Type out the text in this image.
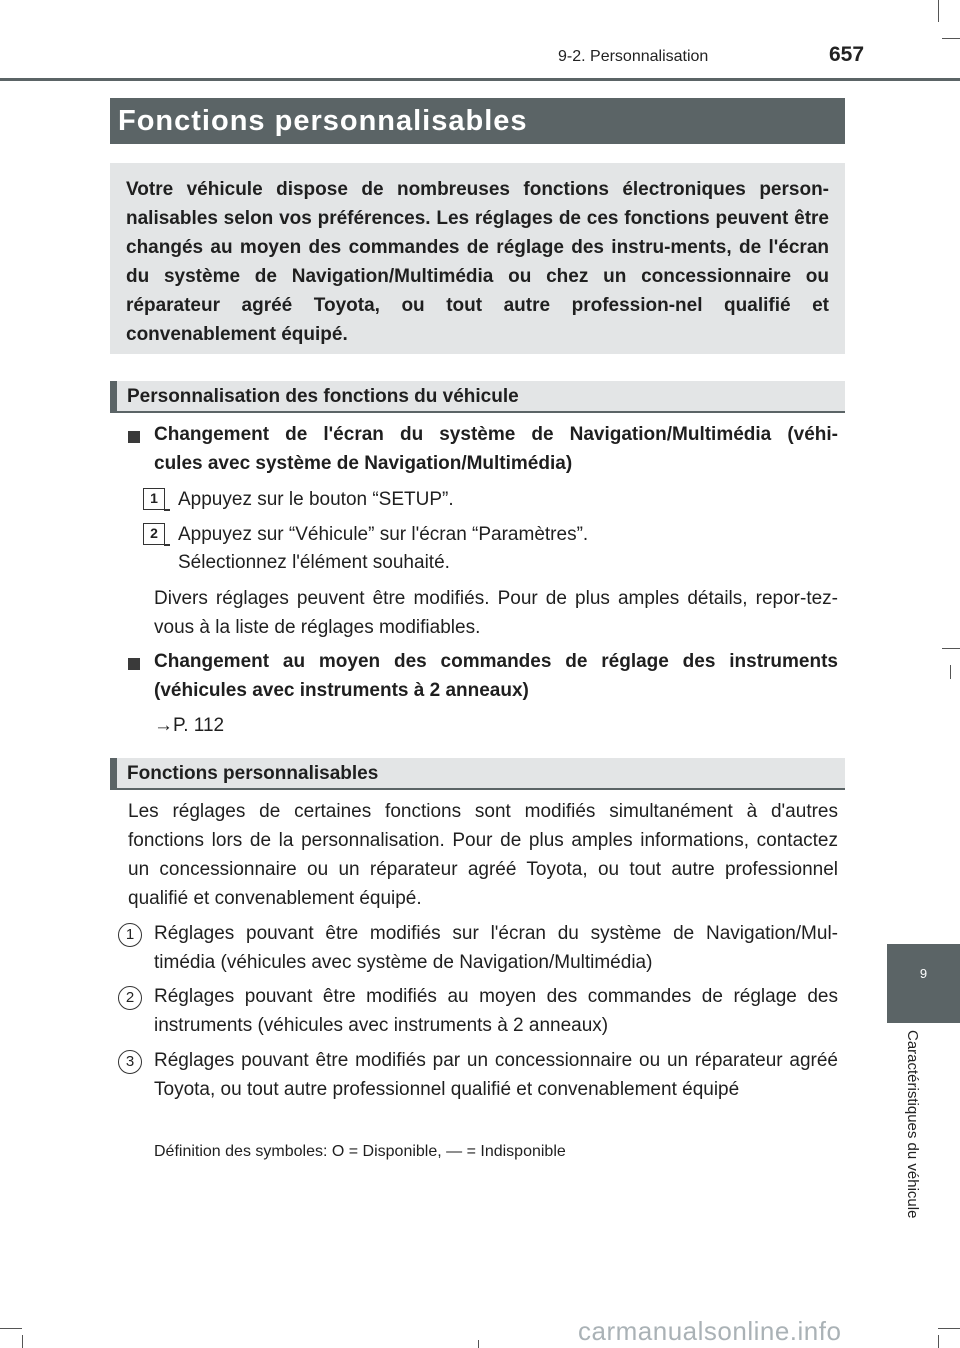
9-2. Personnalisation	657
Fonctions personnalisables
Votre véhicule dispose de nombreuses fonctions électroniques person-nalisables selon vos préférences. Les réglages de ces fonctions peuvent être changés au moyen des commandes de réglage des instru-ments, de l'écran du système de Navigation/Multimédia ou chez un concessionnaire ou réparateur agréé Toyota, ou tout autre profession-nel qualifié et convenablement équipé.
Personnalisation des fonctions du véhicule
Changement de l'écran du système de Navigation/Multimédia (véhi-
cules avec système de Navigation/Multimédia)
1	Appuyez sur le bouton “SETUP”.
2	Appuyez sur “Véhicule” sur l'écran “Paramètres”.
Sélectionnez l'élément souhaité.
Divers réglages peuvent être modifiés. Pour de plus amples détails, repor-tez-vous à la liste de réglages modifiables.
Changement au moyen des commandes de réglage des instruments
(véhicules avec instruments à 2 anneaux)
→P. 112
Fonctions personnalisables
Les réglages de certaines fonctions sont modifiés simultanément à d'autres fonctions lors de la personnalisation. Pour de plus amples informations, contactez un concessionnaire ou un réparateur agréé Toyota, ou tout autre professionnel qualifié et convenablement équipé.
1	Réglages pouvant être modifiés sur l'écran du système de Navigation/Mul-timédia (véhicules avec système de Navigation/Multimédia)
2	Réglages pouvant être modifiés au moyen des commandes de réglage des instruments (véhicules avec instruments à 2 anneaux)
3	Réglages pouvant être modifiés par un concessionnaire ou un réparateur agréé Toyota, ou tout autre professionnel qualifié et convenablement équipé
Définition des symboles: O = Disponible, — = Indisponible
9
Caractéristiques du véhicule
carmanualsonline.info
